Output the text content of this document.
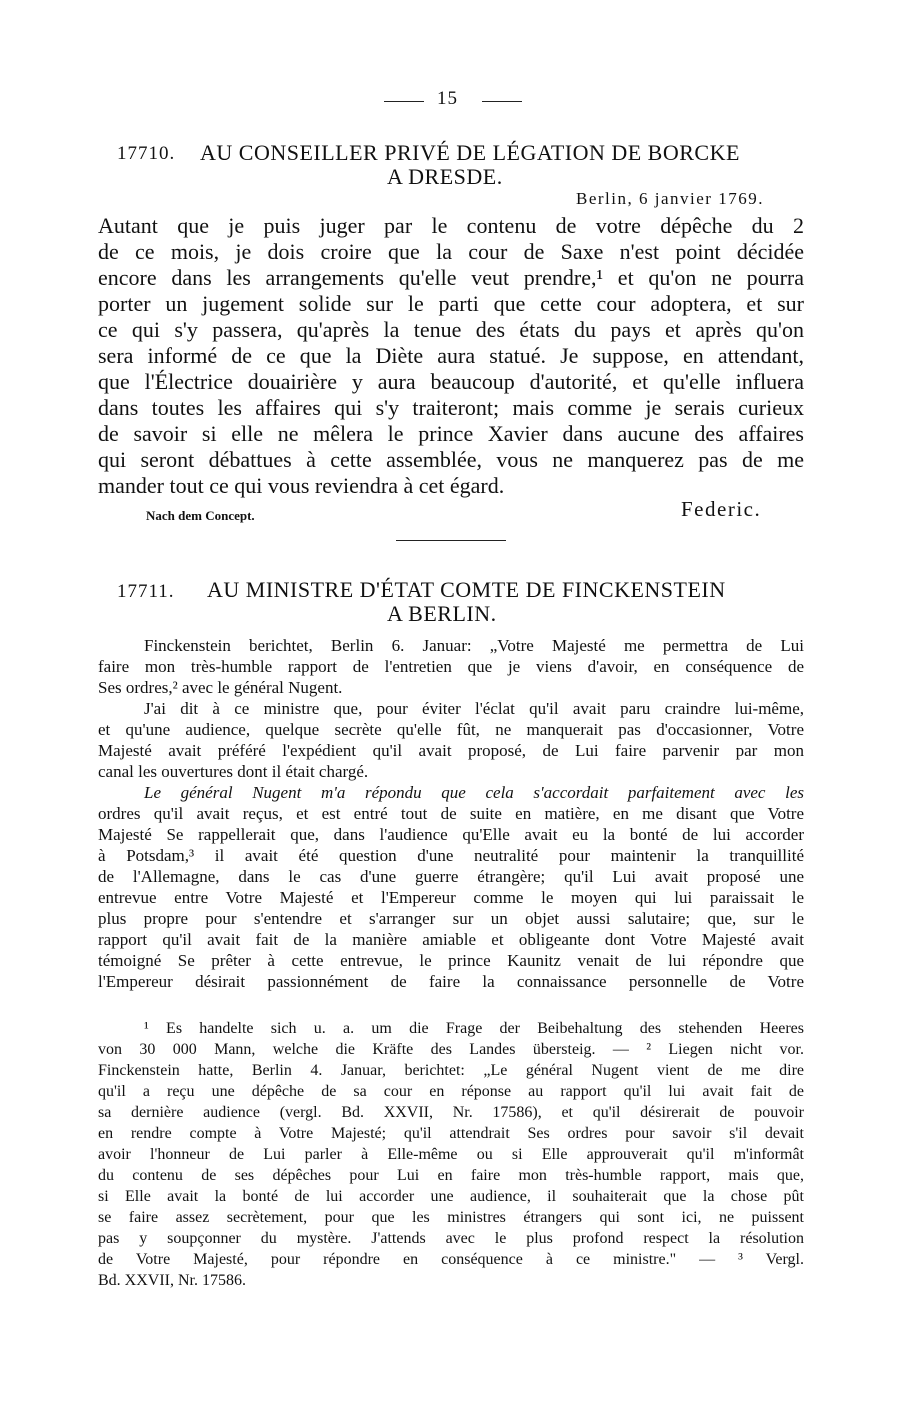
15
17710. AU CONSEILLER PRIVÉ DE LÉGATION DE BORCKE
A DRESDE.
Berlin, 6 janvier 1769.
Autant que je puis juger par le contenu de votre dépêche du 2
de ce mois, je dois croire que la cour de Saxe n'est point décidée
encore dans les arrangements qu'elle veut prendre,¹ et qu'on ne pourra
porter un jugement solide sur le parti que cette cour adoptera, et sur
ce qui s'y passera, qu'après la tenue des états du pays et après qu'on
sera informé de ce que la Diète aura statué. Je suppose, en attendant,
que l'Électrice douairière y aura beaucoup d'autorité, et qu'elle influera
dans toutes les affaires qui s'y traiteront; mais comme je serais curieux
de savoir si elle ne mêlera le prince Xavier dans aucune des affaires
qui seront débattues à cette assemblée, vous ne manquerez pas de me
mander tout ce qui vous reviendra à cet égard.
Nach dem Concept.	Federic.
17711. AU MINISTRE D'ÉTAT COMTE DE FINCKENSTEIN
A BERLIN.
Finckenstein berichtet, Berlin 6. Januar: „Votre Majesté me permettra de Lui
faire mon très-humble rapport de l'entretien que je viens d'avoir, en conséquence de
Ses ordres,² avec le général Nugent.
J'ai dit à ce ministre que, pour éviter l'éclat qu'il avait paru craindre lui-même,
et qu'une audience, quelque secrète qu'elle fût, ne manquerait pas d'occasionner, Votre
Majesté avait préféré l'expédient qu'il avait proposé, de Lui faire parvenir par mon
canal les ouvertures dont il était chargé.
Le général Nugent m'a répondu que cela s'accordait parfaitement avec les
ordres qu'il avait reçus, et est entré tout de suite en matière, en me disant que Votre
Majesté Se rappellerait que, dans l'audience qu'Elle avait eu la bonté de lui accorder
à Potsdam,³ il avait été question d'une neutralité pour maintenir la tranquillité
de l'Allemagne, dans le cas d'une guerre étrangère; qu'il Lui avait proposé une
entrevue entre Votre Majesté et l'Empereur comme le moyen qui lui paraissait le
plus propre pour s'entendre et s'arranger sur un objet aussi salutaire; que, sur le
rapport qu'il avait fait de la manière amiable et obligeante dont Votre Majesté avait
témoigné Se prêter à cette entrevue, le prince Kaunitz venait de lui répondre que
l'Empereur désirait passionnément de faire la connaissance personnelle de Votre
¹ Es handelte sich u. a. um die Frage der Beibehaltung des stehenden Heeres
von 30 000 Mann, welche die Kräfte des Landes übersteig. — ² Liegen nicht vor.
Finckenstein hatte, Berlin 4. Januar, berichtet: „Le général Nugent vient de me dire
qu'il a reçu une dépêche de sa cour en réponse au rapport qu'il lui avait fait de
sa dernière audience (vergl. Bd. XXVII, Nr. 17586), et qu'il désirerait de pouvoir
en rendre compte à Votre Majesté; qu'il attendrait Ses ordres pour savoir s'il devait
avoir l'honneur de Lui parler à Elle-même ou si Elle approuverait qu'il m'informât
du contenu de ses dépêches pour Lui en faire mon très-humble rapport, mais que,
si Elle avait la bonté de lui accorder une audience, il souhaiterait que la chose pût
se faire assez secrètement, pour que les ministres étrangers qui sont ici, ne puissent
pas y soupçonner du mystère. J'attends avec le plus profond respect la résolution
de Votre Majesté, pour répondre en conséquence à ce ministre." — ³ Vergl.
Bd. XXVII, Nr. 17586.
